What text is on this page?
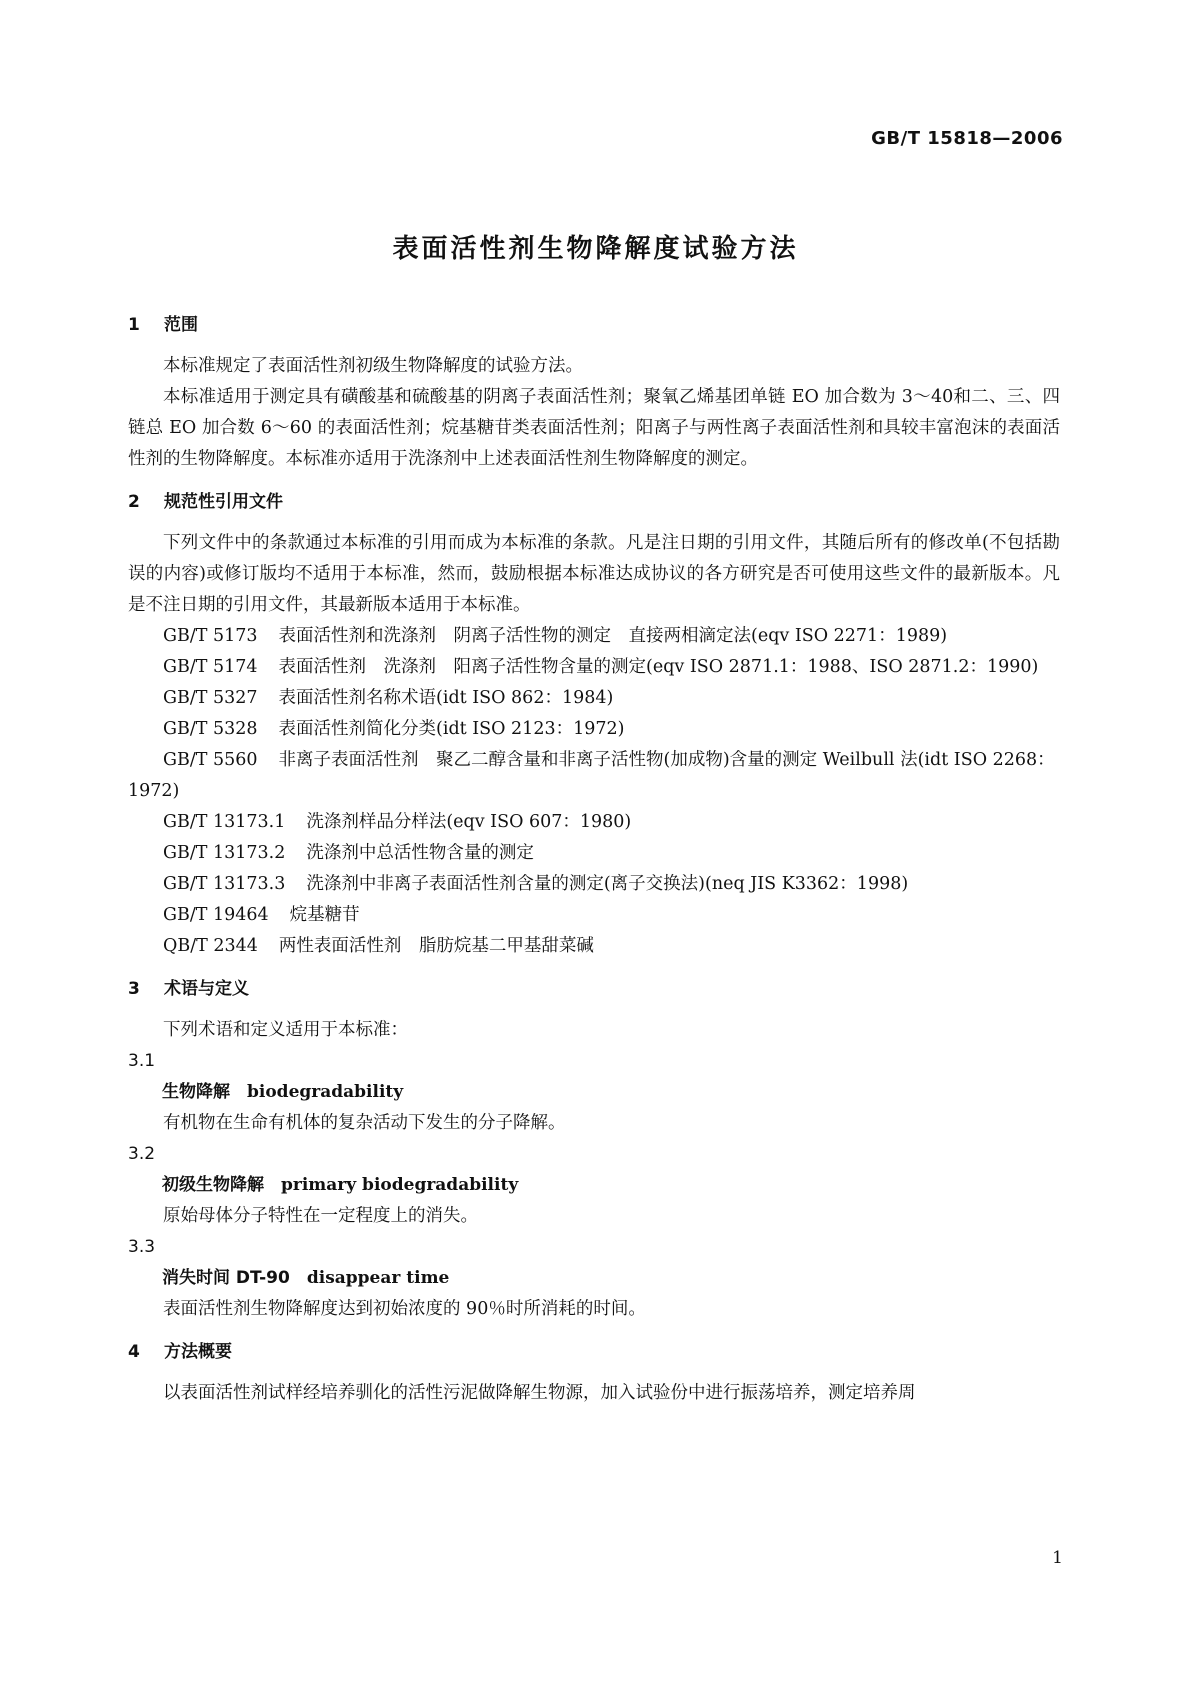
GB/T 15818—2006
表面活性剂生物降解度试验方法
1 范围

本标准规定了表面活性剂初级生物降解度的试验方法。

本标准适用于测定具有磺酸基和硫酸基的阴离子表面活性剂；聚氧乙烯基团单链 EO 加合数为 3～40和二、三、四链总 EO 加合数 6～60 的表面活性剂；烷基糖苷类表面活性剂；阳离子与两性离子表面活性剂和具较丰富泡沫的表面活性剂的生物降解度。本标准亦适用于洗涤剂中上述表面活性剂生物降解度的测定。

2 规范性引用文件

下列文件中的条款通过本标准的引用而成为本标准的条款。凡是注日期的引用文件，其随后所有的修改单(不包括勘误的内容)或修订版均不适用于本标准，然而，鼓励根据本标准达成协议的各方研究是否可使用这些文件的最新版本。凡是不注日期的引用文件，其最新版本适用于本标准。

GB/T 5173 表面活性剂和洗涤剂　阴离子活性物的测定　直接两相滴定法(eqv ISO 2271：1989)

GB/T 5174 表面活性剂　洗涤剂　阳离子活性物含量的测定(eqv ISO 2871.1：1988、ISO 2871.2：1990)

GB/T 5327 表面活性剂名称术语(idt ISO 862：1984)

GB/T 5328 表面活性剂简化分类(idt ISO 2123：1972)

GB/T 5560 非离子表面活性剂　聚乙二醇含量和非离子活性物(加成物)含量的测定 Weilbull 法(idt ISO 2268：1972)

GB/T 13173.1 洗涤剂样品分样法(eqv ISO 607：1980)

GB/T 13173.2 洗涤剂中总活性物含量的测定

GB/T 13173.3 洗涤剂中非离子表面活性剂含量的测定(离子交换法)(neq JIS K3362：1998)

GB/T 19464 烷基糖苷

QB/T 2344 两性表面活性剂　脂肪烷基二甲基甜菜碱

3 术语与定义

下列术语和定义适用于本标准：

3.1

生物降解 biodegradability

有机物在生命有机体的复杂活动下发生的分子降解。

3.2

初级生物降解 primary biodegradability

原始母体分子特性在一定程度上的消失。

3.3

消失时间 DT-90 disappear time

表面活性剂生物降解度达到初始浓度的 90％时所消耗的时间。

4 方法概要

以表面活性剂试样经培养驯化的活性污泥做降解生物源，加入试验份中进行振荡培养，测定培养周

1
